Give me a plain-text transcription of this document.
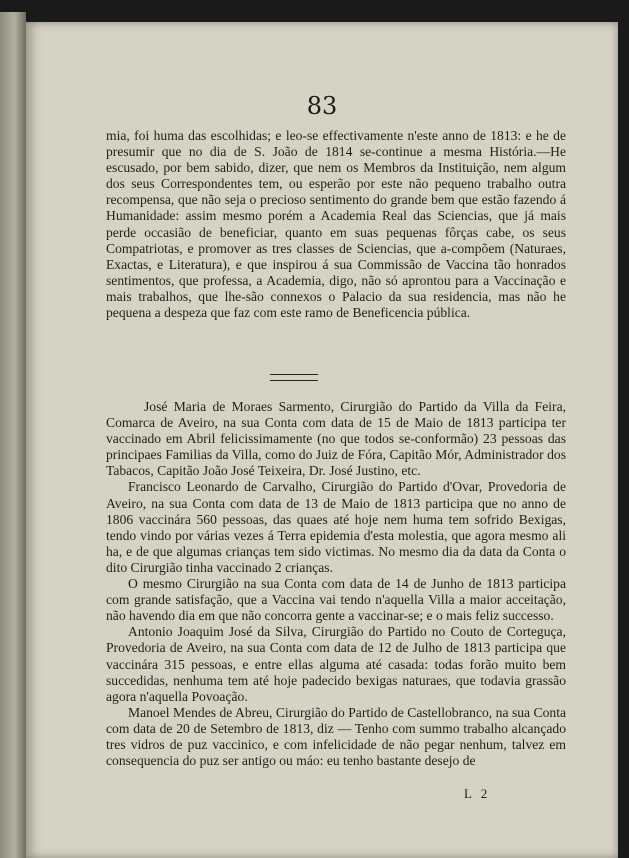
83

mia, foi huma das escolhidas; e leo-se effectivamente n'este anno de 1813: e he de presumir que no dia de S. João de 1814 se-continue a mesma História.—He escusado, por bem sabido, dizer, que nem os Membros da Instituição, nem algum dos seus Correspondentes tem, ou esperão por este não pequeno trabalho outra recompensa, que não seja o precioso sentimento do grande bem que estão fazendo á Humanidade: assim mesmo porém a Academia Real das Sciencias, que já mais perde occasião de beneficiar, quanto em suas pequenas fôrças cabe, os seus Compatriotas, e promover as tres classes de Sciencias, que a-compõem (Naturaes, Exactas, e Literatura), e que inspirou á sua Commissão de Vaccina tão honrados sentimentos, que professa, a Academia, digo, não só aprontou para a Vaccinação e mais trabalhos, que lhe-são connexos o Palacio da sua residencia, mas não he pequena a despeza que faz com este ramo de Beneficencia pública.

José Maria de Moraes Sarmento, Cirurgião do Partido da Villa da Feira, Comarca de Aveiro, na sua Conta com data de 15 de Maio de 1813 participa ter vaccinado em Abril felicissimamente (no que todos se-conformão) 23 pessoas das principaes Familias da Villa, como do Juiz de Fóra, Capitão Mór, Administrador dos Tabacos, Capitão João José Teixeira, Dr. José Justino, etc.

Francisco Leonardo de Carvalho, Cirurgião do Partido d'Ovar, Provedoria de Aveiro, na sua Conta com data de 13 de Maio de 1813 participa que no anno de 1806 vaccinára 560 pessoas, das quaes até hoje nem huma tem sofrido Bexigas, tendo vindo por várias vezes á Terra epidemia d'esta molestia, que agora mesmo ali ha, e de que algumas crianças tem sido victimas. No mesmo dia da data da Conta o dito Cirurgião tinha vaccinado 2 crianças.

O mesmo Cirurgião na sua Conta com data de 14 de Junho de 1813 participa com grande satisfação, que a Vaccina vai tendo n'aquella Villa a maior acceitação, não havendo dia em que não concorra gente a vaccinar-se; e o mais feliz successo.

Antonio Joaquim José da Silva, Cirurgião do Partido no Couto de Corteguça, Provedoria de Aveiro, na sua Conta com data de 12 de Julho de 1813 participa que vaccinára 315 pessoas, e entre ellas alguma até casada: todas forão muito bem succedidas, nenhuma tem até hoje padecido bexigas naturaes, que todavia grassão agora n'aquella Povoação.

Manoel Mendes de Abreu, Cirurgião do Partido de Castellobranco, na sua Conta com data de 20 de Setembro de 1813, diz — Tenho com summo trabalho alcançado tres vidros de puz vaccinico, e com infelicidade de não pegar nenhum, talvez em consequencia do puz ser antigo ou máo: eu tenho bastante desejo de

L 2
